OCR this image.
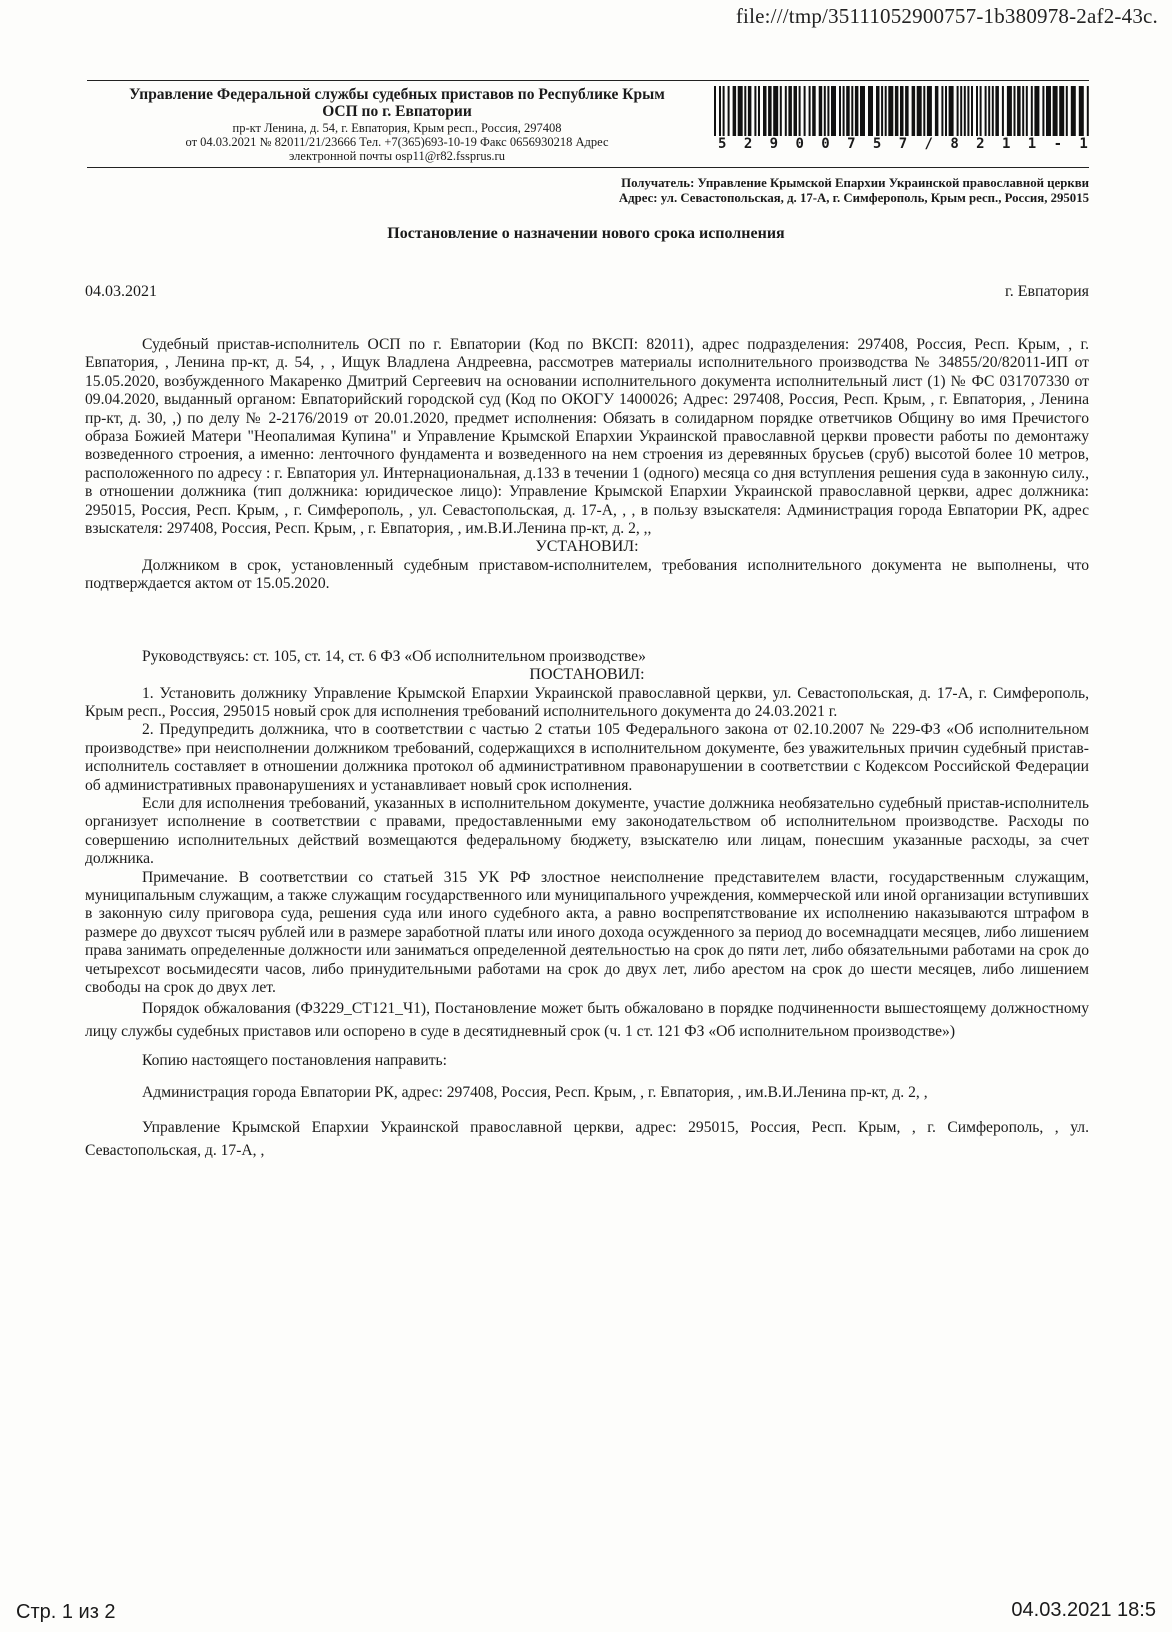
file:///tmp/35111052900757-1b380978-2af2-43c.
Управление Федеральной службы судебных приставов по Республике Крым
ОСП по г. Евпатории
пр-кт Ленина, д. 54, г. Евпатория, Крым респ., Россия, 297408
от 04.03.2021 № 82011/21/23666 Тел. +7(365)693-10-19 Факс 0656930218 Адрес
электронной почты osp11@r82.fssprus.ru
5 2 9 0 0 7 5 7 / 8 2 1 1 - 1
Получатель: Управление Крымской Епархии Украинской православной церкви
Адрес: ул. Севастопольская, д. 17-А, г. Симферополь, Крым респ., Россия, 295015
Постановление о назначении нового срока исполнения
04.03.2021	г. Евпатория

Судебный пристав-исполнитель ОСП по г. Евпатории (Код по ВКСП: 82011), адрес подразделения: 297408, Россия, Респ. Крым, , г. Евпатория, , Ленина пр-кт, д. 54, , , Ищук Владлена Андреевна, рассмотрев материалы исполнительного производства № 34855/20/82011-ИП от 15.05.2020, возбужденного Макаренко Дмитрий Сергеевич на основании исполнительного документа исполнительный лист (1) № ФС 031707330 от 09.04.2020, выданный органом: Евпаторийский городской суд (Код по ОКОГУ 1400026; Адрес: 297408, Россия, Респ. Крым, , г. Евпатория, , Ленина пр-кт, д. 30, ,) по делу № 2-2176/2019 от 20.01.2020, предмет исполнения: Обязать в солидарном порядке ответчиков Общину во имя Пречистого образа Божией Матери "Неопалимая Купина" и Управление Крымской Епархии Украинской православной церкви провести работы по демонтажу возведенного строения, а именно: ленточного фундамента и возведенного на нем строения из деревянных брусьев (сруб) высотой более 10 метров, расположенного по адресу : г. Евпатория ул. Интернациональная, д.133 в течении 1 (одного) месяца со дня вступления решения суда в законную силу., в отношении должника (тип должника: юридическое лицо): Управление Крымской Епархии Украинской православной церкви, адрес должника: 295015, Россия, Респ. Крым, , г. Симферополь, , ул. Севастопольская, д. 17-А, , , в пользу взыскателя: Администрация города Евпатории РК, адрес взыскателя: 297408, Россия, Респ. Крым, , г. Евпатория, , им.В.И.Ленина пр-кт, д. 2, ,,

УСТАНОВИЛ:

Должником в срок, установленный судебным приставом-исполнителем, требования исполнительного документа не выполнены, что подтверждается актом от 15.05.2020.

Руководствуясь: ст. 105, ст. 14, ст. 6 ФЗ «Об исполнительном производстве»

ПОСТАНОВИЛ:

1. Установить должнику Управление Крымской Епархии Украинской православной церкви, ул. Севастопольская, д. 17-А, г. Симферополь, Крым респ., Россия, 295015 новый срок для исполнения требований исполнительного документа до 24.03.2021 г.

2. Предупредить должника, что в соответствии с частью 2 статьи 105 Федерального закона от 02.10.2007 № 229-ФЗ «Об исполнительном производстве» при неисполнении должником требований, содержащихся в исполнительном документе, без уважительных причин судебный пристав-исполнитель составляет в отношении должника протокол об административном правонарушении в соответствии с Кодексом Российской Федерации об административных правонарушениях и устанавливает новый срок исполнения.

Если для исполнения требований, указанных в исполнительном документе, участие должника необязательно судебный пристав-исполнитель организует исполнение в соответствии с правами, предоставленными ему законодательством об исполнительном производстве. Расходы по совершению исполнительных действий возмещаются федеральному бюджету, взыскателю или лицам, понесшим указанные расходы, за счет должника.

Примечание. В соответствии со статьей 315 УК РФ злостное неисполнение представителем власти, государственным служащим, муниципальным служащим, а также служащим государственного или муниципального учреждения, коммерческой или иной организации вступивших в законную силу приговора суда, решения суда или иного судебного акта, а равно воспрепятствование их исполнению наказываются штрафом в размере до двухсот тысяч рублей или в размере заработной платы или иного дохода осужденного за период до восемнадцати месяцев, либо лишением права занимать определенные должности или заниматься определенной деятельностью на срок до пяти лет, либо обязательными работами на срок до четырехсот восьмидесяти часов, либо принудительными работами на срок до двух лет, либо арестом на срок до шести месяцев, либо лишением свободы на срок до двух лет.

Порядок обжалования (ФЗ229_СТ121_Ч1), Постановление может быть обжаловано в порядке подчиненности вышестоящему должностному лицу службы судебных приставов или оспорено в суде в десятидневный срок (ч. 1 ст. 121 ФЗ «Об исполнительном производстве»)

Копию настоящего постановления направить:

Администрация города Евпатории РК, адрес: 297408, Россия, Респ. Крым, , г. Евпатория, , им.В.И.Ленина пр-кт, д. 2, ,

Управление Крымской Епархии Украинской православной церкви, адрес: 295015, Россия, Респ. Крым, , г. Симферополь, , ул. Севастопольская, д. 17-А, ,

Стр. 1 из 2	04.03.2021 18:5
